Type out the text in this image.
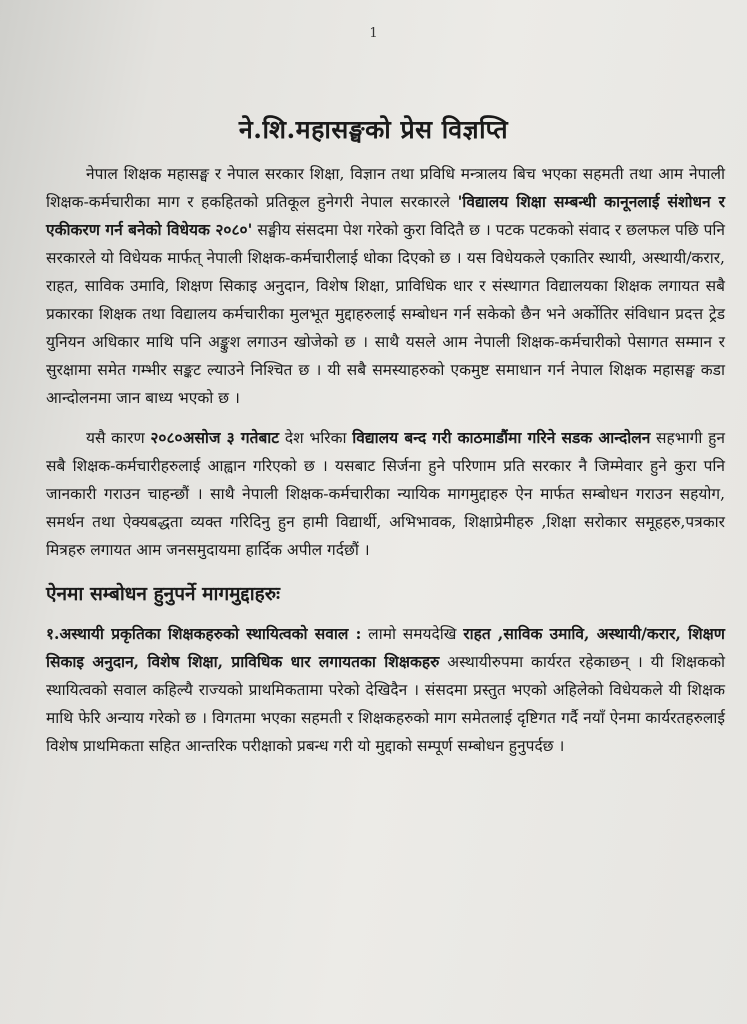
1
ने.शि.महासङ्घको प्रेस विज्ञप्ति

नेपाल शिक्षक महासङ्घ र नेपाल सरकार शिक्षा, विज्ञान तथा प्रविधि मन्त्रालय बिच भएका सहमती तथा आम नेपाली शिक्षक-कर्मचारीका माग र हकहितको प्रतिकूल हुनेगरी नेपाल सरकारले 'विद्यालय शिक्षा सम्बन्धी कानूनलाई संशोधन र एकीकरण गर्न बनेको विधेयक २०८०' सङ्घीय संसदमा पेश गरेको कुरा विदितै छ । पटक पटकको संवाद र छलफल पछि पनि सरकारले यो विधेयक मार्फत् नेपाली शिक्षक-कर्मचारीलाई धोका दिएको छ । यस विधेयकले एकातिर स्थायी, अस्थायी/करार, राहत, साविक उमावि, शिक्षण सिकाइ अनुदान, विशेष शिक्षा, प्राविधिक धार र संस्थागत विद्यालयका शिक्षक लगायत सबै प्रकारका शिक्षक तथा विद्यालय कर्मचारीका मुलभूत मुद्दाहरुलाई सम्बोधन गर्न सकेको छैन भने अर्कोतिर संविधान प्रदत्त ट्रेड युनियन अधिकार माथि पनि अङ्कुश लगाउन खोजेको छ । साथै यसले आम नेपाली शिक्षक-कर्मचारीको पेसागत सम्मान र सुरक्षामा समेत गम्भीर सङ्कट ल्याउने निश्चित छ । यी सबै समस्याहरुको एकमुष्ट समाधान गर्न नेपाल शिक्षक महासङ्घ कडा आन्दोलनमा जान बाध्य भएको छ ।

यसै कारण २०८०असोज ३ गतेबाट देश भरिका विद्यालय बन्द गरी काठमाडौंमा गरिने सडक आन्दोलन सहभागी हुन सबै शिक्षक-कर्मचारीहरुलाई आह्वान गरिएको छ । यसबाट सिर्जना हुने परिणाम प्रति सरकार नै जिम्मेवार हुने कुरा पनि जानकारी गराउन चाहन्छौं । साथै नेपाली शिक्षक-कर्मचारीका न्यायिक मागमुद्दाहरु ऐन मार्फत सम्बोधन गराउन सहयोग, समर्थन तथा ऐक्यबद्धता व्यक्त गरिदिनु हुन हामी विद्यार्थी, अभिभावक, शिक्षाप्रेमीहरु ,शिक्षा सरोकार समूहहरु,पत्रकार मित्रहरु लगायत आम जनसमुदायमा हार्दिक अपील गर्दछौं ।

ऐनमा सम्बोधन हुनुपर्ने मागमुद्दाहरुः

१.अस्थायी प्रकृतिका शिक्षकहरुको स्थायित्वको सवाल : लामो समयदेखि राहत ,साविक उमावि, अस्थायी/करार, शिक्षण सिकाइ अनुदान, विशेष शिक्षा, प्राविधिक धार लगायतका शिक्षकहरु अस्थायीरुपमा कार्यरत रहेकाछन् । यी शिक्षकको स्थायित्वको सवाल कहिल्यै राज्यको प्राथमिकतामा परेको देखिदैन । संसदमा प्रस्तुत भएको अहिलेको विधेयकले यी शिक्षक माथि फेरि अन्याय गरेको छ । विगतमा भएका सहमती र शिक्षकहरुको माग समेतलाई दृष्टिगत गर्दै नयाँ ऐनमा कार्यरतहरुलाई विशेष प्राथमिकता सहित आन्तरिक परीक्षाको प्रबन्ध गरी यो मुद्दाको सम्पूर्ण सम्बोधन हुनुपर्दछ ।
